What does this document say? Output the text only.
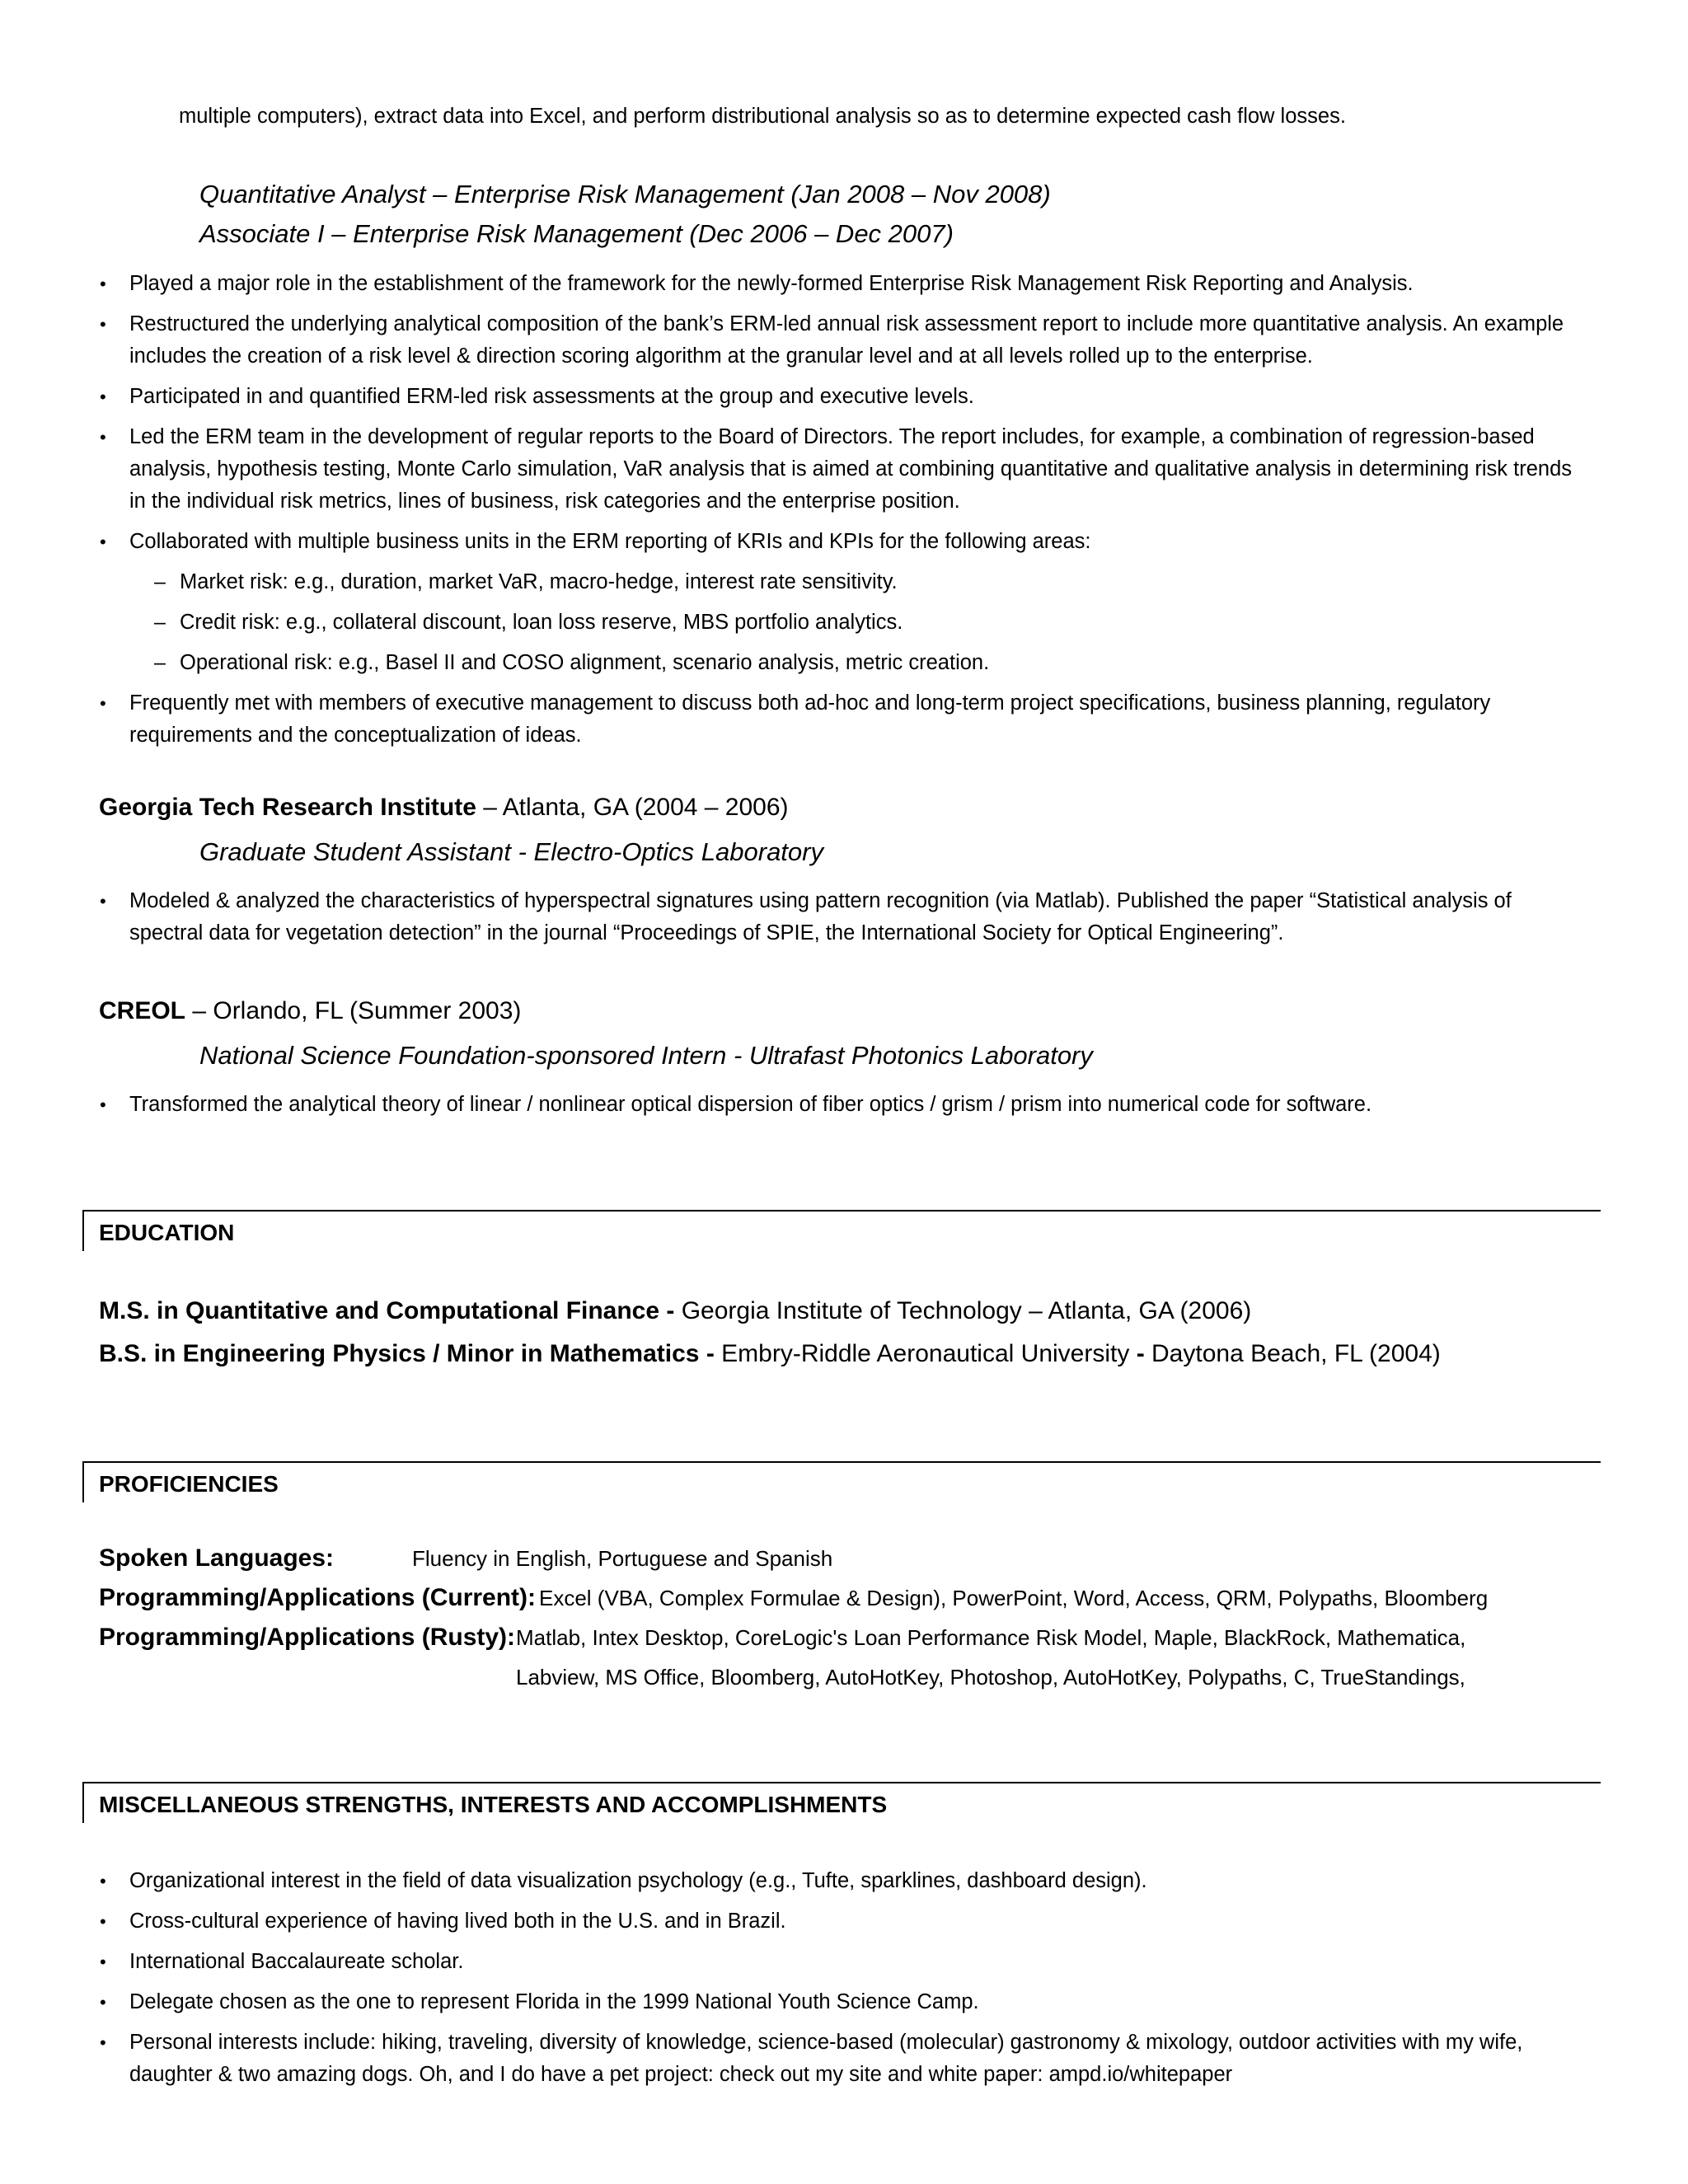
multiple computers), extract data into Excel, and perform distributional analysis so as to determine expected cash flow losses.
Quantitative Analyst – Enterprise Risk Management (Jan 2008 – Nov 2008)
Associate I – Enterprise Risk Management (Dec 2006 – Dec 2007)
• Played a major role in the establishment of the framework for the newly-formed Enterprise Risk Management Risk Reporting and Analysis.
• Restructured the underlying analytical composition of the bank’s ERM-led annual risk assessment report to include more quantitative analysis. An example includes the creation of a risk level & direction scoring algorithm at the granular level and at all levels rolled up to the enterprise.
• Participated in and quantified ERM-led risk assessments at the group and executive levels.
• Led the ERM team in the development of regular reports to the Board of Directors. The report includes, for example, a combination of regression-based analysis, hypothesis testing, Monte Carlo simulation, VaR analysis that is aimed at combining quantitative and qualitative analysis in determining risk trends in the individual risk metrics, lines of business, risk categories and the enterprise position.
• Collaborated with multiple business units in the ERM reporting of KRIs and KPIs for the following areas:
– Market risk: e.g., duration, market VaR, macro-hedge, interest rate sensitivity.
– Credit risk: e.g., collateral discount, loan loss reserve, MBS portfolio analytics.
– Operational risk: e.g., Basel II and COSO alignment, scenario analysis, metric creation.
• Frequently met with members of executive management to discuss both ad-hoc and long-term project specifications, business planning, regulatory requirements and the conceptualization of ideas.
Georgia Tech Research Institute – Atlanta, GA (2004 – 2006)
Graduate Student Assistant - Electro-Optics Laboratory
• Modeled & analyzed the characteristics of hyperspectral signatures using pattern recognition (via Matlab). Published the paper “Statistical analysis of spectral data for vegetation detection” in the journal “Proceedings of SPIE, the International Society for Optical Engineering”.
CREOL – Orlando, FL (Summer 2003)
National Science Foundation-sponsored Intern - Ultrafast Photonics Laboratory
• Transformed the analytical theory of linear / nonlinear optical dispersion of fiber optics / grism / prism into numerical code for software.
EDUCATION
M.S. in Quantitative and Computational Finance - Georgia Institute of Technology – Atlanta, GA (2006)
B.S. in Engineering Physics / Minor in Mathematics - Embry-Riddle Aeronautical University - Daytona Beach, FL (2004)
PROFICIENCIES
Spoken Languages:	Fluency in English, Portuguese and Spanish
Programming/Applications (Current): Excel (VBA, Complex Formulae & Design), PowerPoint, Word, Access, QRM, Polypaths, Bloomberg
Programming/Applications (Rusty): Matlab, Intex Desktop, CoreLogic's Loan Performance Risk Model, Maple, BlackRock, Mathematica,
Labview, MS Office, Bloomberg, AutoHotKey, Photoshop, AutoHotKey, Polypaths, C, TrueStandings,
MISCELLANEOUS STRENGTHS, INTERESTS AND ACCOMPLISHMENTS
• Organizational interest in the field of data visualization psychology (e.g., Tufte, sparklines, dashboard design).
• Cross-cultural experience of having lived both in the U.S. and in Brazil.
• International Baccalaureate scholar.
• Delegate chosen as the one to represent Florida in the 1999 National Youth Science Camp.
• Personal interests include: hiking, traveling, diversity of knowledge, science-based (molecular) gastronomy & mixology, outdoor activities with my wife, daughter & two amazing dogs. Oh, and I do have a pet project: check out my site and white paper: ampd.io/whitepaper
